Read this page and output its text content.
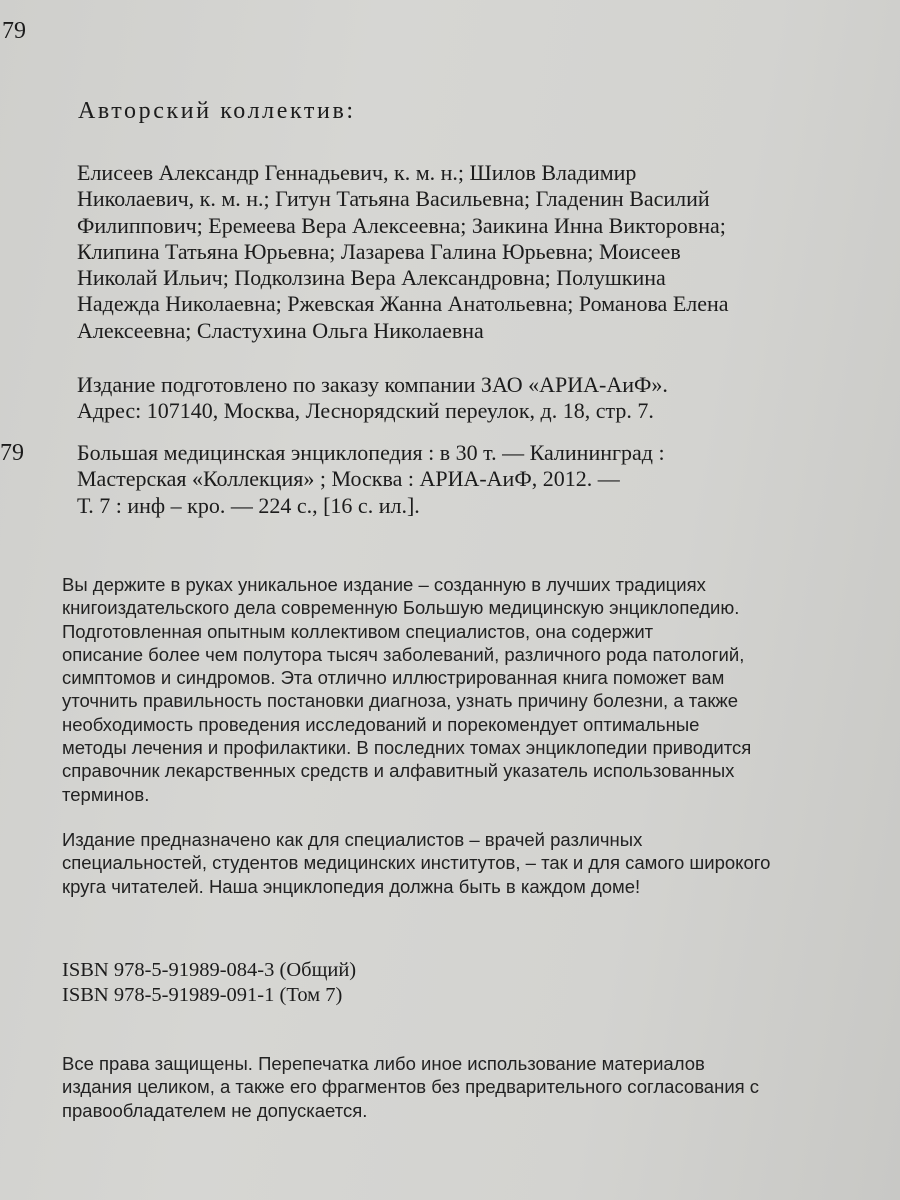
79
Авторский коллектив:
Елисеев Александр Геннадьевич, к. м. н.; Шилов Владимир
Николаевич, к. м. н.; Гитун Татьяна Васильевна; Гладенин Василий
Филиппович; Еремеева Вера Алексеевна; Заикина Инна Викторовна;
Клипина Татьяна Юрьевна; Лазарева Галина Юрьевна; Моисеев
Николай Ильич; Подколзина Вера Александровна; Полушкина
Надежда Николаевна; Ржевская Жанна Анатольевна; Романова Елена
Алексеевна; Сластухина Ольга Николаевна
Издание подготовлено по заказу компании ЗАО «АРИА-АиФ».
Адрес: 107140, Москва, Леснорядский переулок, д. 18, стр. 7.
79 Большая медицинская энциклопедия : в 30 т. — Калининград :
Мастерская «Коллекция» ; Москва : АРИА-АиФ, 2012. —
Т. 7 : инф – кро. — 224 с., [16 с. ил.].
Вы держите в руках уникальное издание – созданную в лучших традициях
книгоиздательского дела современную Большую медицинскую энциклопедию.
Подготовленная опытным коллективом специалистов, она содержит
описание более чем полутора тысяч заболеваний, различного рода патологий,
симптомов и синдромов. Эта отлично иллюстрированная книга поможет вам
уточнить правильность постановки диагноза, узнать причину болезни, а также
необходимость проведения исследований и порекомендует оптимальные
методы лечения и профилактики. В последних томах энциклопедии приводится
справочник лекарственных средств и алфавитный указатель использованных
терминов.
Издание предназначено как для специалистов – врачей различных
специальностей, студентов медицинских институтов, – так и для самого широкого
круга читателей. Наша энциклопедия должна быть в каждом доме!
ISBN 978-5-91989-084-3 (Общий)
ISBN 978-5-91989-091-1 (Том 7)
Все права защищены. Перепечатка либо иное использование материалов
издания целиком, а также его фрагментов без предварительного согласования с
правообладателем не допускается.
